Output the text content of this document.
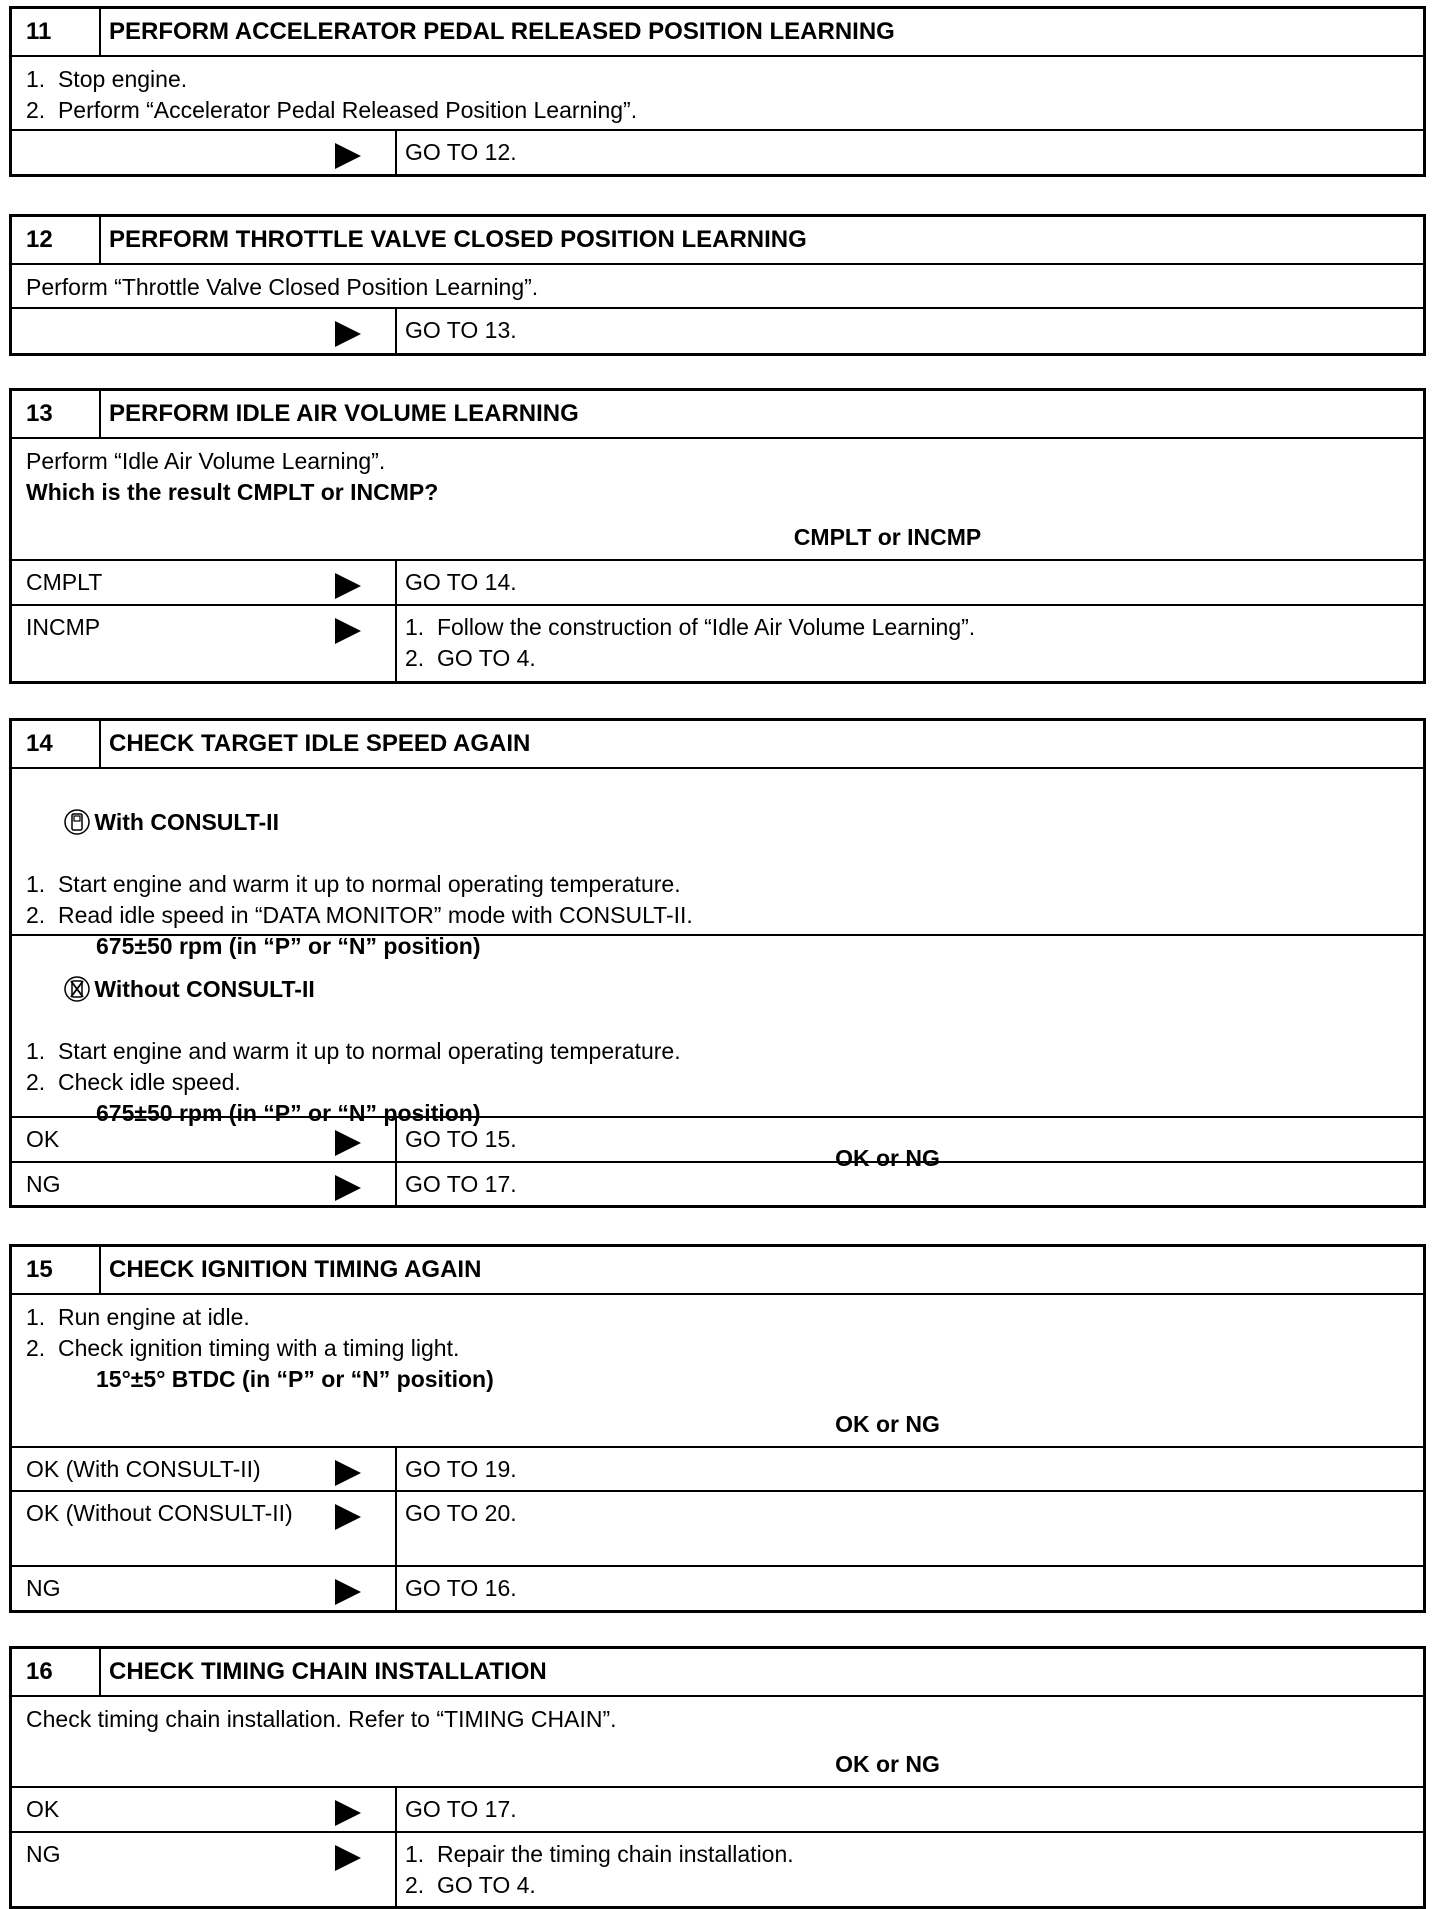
11	PERFORM ACCELERATOR PEDAL RELEASED POSITION LEARNING
1.  Stop engine.
2.  Perform “Accelerator Pedal Released Position Learning”.
GO TO 12.
12	PERFORM THROTTLE VALVE CLOSED POSITION LEARNING
Perform “Throttle Valve Closed Position Learning”.
GO TO 13.
13	PERFORM IDLE AIR VOLUME LEARNING
Perform “Idle Air Volume Learning”.
Which is the result CMPLT or INCMP?
CMPLT or INCMP
CMPLT	GO TO 14.
INCMP	1.  Follow the construction of “Idle Air Volume Learning”.
2.  GO TO 4.
14	CHECK TARGET IDLE SPEED AGAIN

With CONSULT-II

1.  Start engine and warm it up to normal operating temperature.
2.  Read idle speed in “DATA MONITOR” mode with CONSULT-II.
675±50 rpm (in “P” or “N” position)

Without CONSULT-II

1.  Start engine and warm it up to normal operating temperature.
2.  Check idle speed.
675±50 rpm (in “P” or “N” position)
OK or NG
OK	GO TO 15.
NG	GO TO 17.
15	CHECK IGNITION TIMING AGAIN
1.  Run engine at idle.
2.  Check ignition timing with a timing light.
15°±5° BTDC (in “P” or “N” position)
OK or NG
OK (With CONSULT-II)	GO TO 19.
OK (Without CONSULT-II)	GO TO 20.
NG	GO TO 16.
16	CHECK TIMING CHAIN INSTALLATION
Check timing chain installation. Refer to “TIMING CHAIN”.
OK or NG
OK	GO TO 17.
NG	1.  Repair the timing chain installation.
2.  GO TO 4.
